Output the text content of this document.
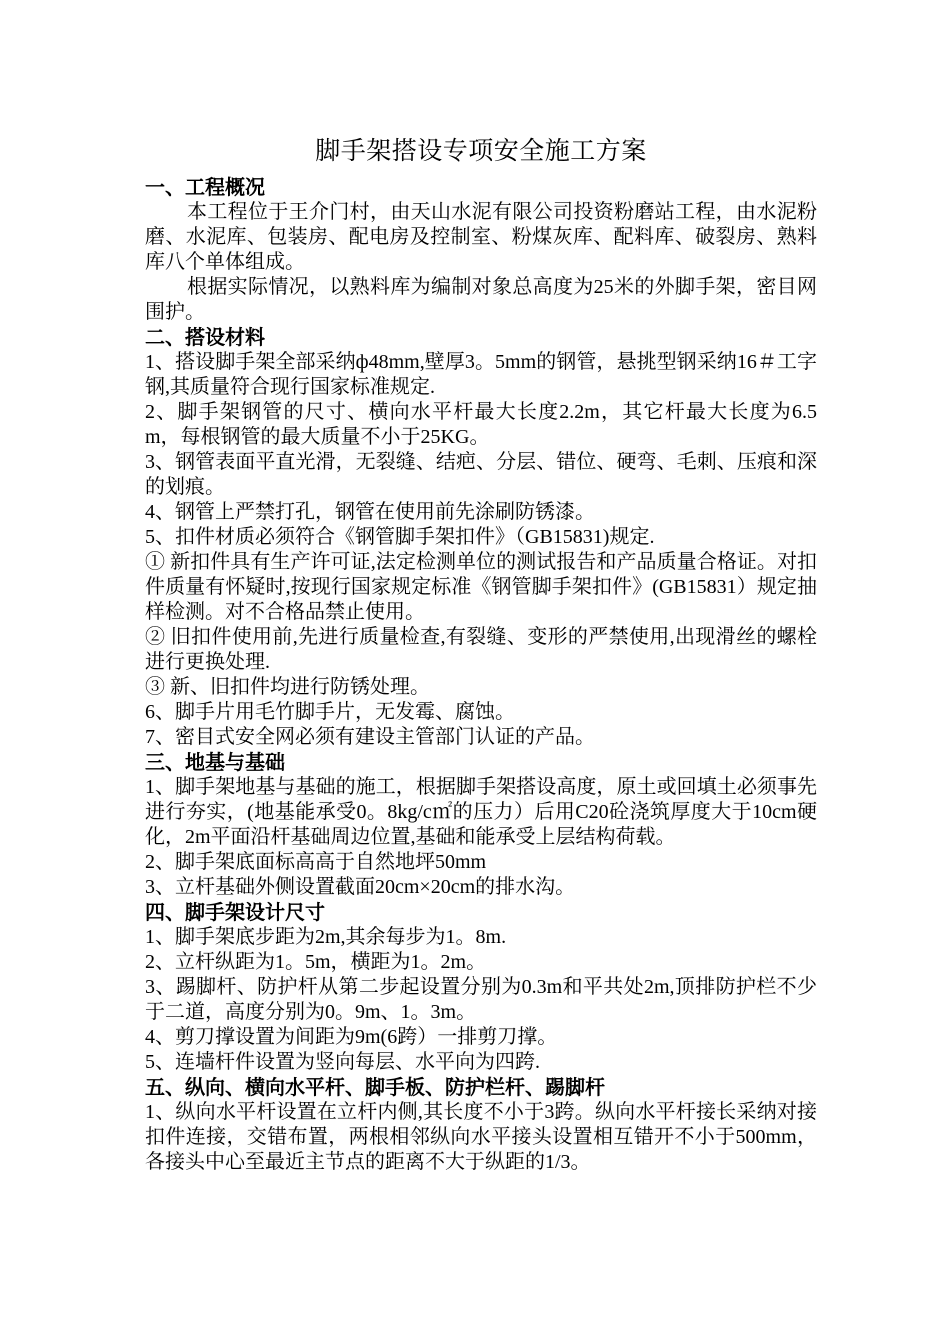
脚手架搭设专项安全施工方案

一、工程概况

本工程位于王介门村，由天山水泥有限公司投资粉磨站工程，由水泥粉磨、水泥库、包装房、配电房及控制室、粉煤灰库、配料库、破裂房、熟料库八个单体组成。

根据实际情况，以熟料库为编制对象总高度为25米的外脚手架，密目网围护。

二、搭设材料

1、搭设脚手架全部采纳ф48mm,壁厚3。5mm的钢管，悬挑型钢采纳16＃工字钢,其质量符合现行国家标准规定.

2、脚手架钢管的尺寸、横向水平杆最大长度2.2m，其它杆最大长度为6.5 m，每根钢管的最大质量不小于25KG。

3、钢管表面平直光滑，无裂缝、结疤、分层、错位、硬弯、毛刺、压痕和深的划痕。

4、钢管上严禁打孔，钢管在使用前先涂刷防锈漆。

5、扣件材质必须符合《钢管脚手架扣件》（GB15831)规定.

① 新扣件具有生产许可证,法定检测单位的测试报告和产品质量合格证。对扣件质量有怀疑时,按现行国家规定标准《钢管脚手架扣件》(GB15831）规定抽样检测。对不合格品禁止使用。

② 旧扣件使用前,先进行质量检查,有裂缝、变形的严禁使用,出现滑丝的螺栓进行更换处理.

③ 新、旧扣件均进行防锈处理。

6、脚手片用毛竹脚手片，无发霉、腐蚀。

7、密目式安全网必须有建设主管部门认证的产品。

三、地基与基础

1、脚手架地基与基础的施工，根据脚手架搭设高度，原土或回填土必须事先进行夯实，(地基能承受0。8kg/c㎡的压力）后用C20砼浇筑厚度大于10cm硬化，2m平面沿杆基础周边位置,基础和能承受上层结构荷载。

2、脚手架底面标高高于自然地坪50mm

3、立杆基础外侧设置截面20cm×20cm的排水沟。

四、脚手架设计尺寸

1、脚手架底步距为2m,其余每步为1。8m.

2、立杆纵距为1。5m，横距为1。2m。

3、踢脚杆、防护杆从第二步起设置分别为0.3m和平共处2m,顶排防护栏不少于二道，高度分别为0。9m、1。3m。

4、剪刀撑设置为间距为9m(6跨）一排剪刀撑。

5、连墙杆件设置为竖向每层、水平向为四跨.

五、纵向、横向水平杆、脚手板、防护栏杆、踢脚杆

1、纵向水平杆设置在立杆内侧,其长度不小于3跨。纵向水平杆接长采纳对接扣件连接，交错布置，两根相邻纵向水平接头设置相互错开不小于500mm，各接头中心至最近主节点的距离不大于纵距的1/3。
